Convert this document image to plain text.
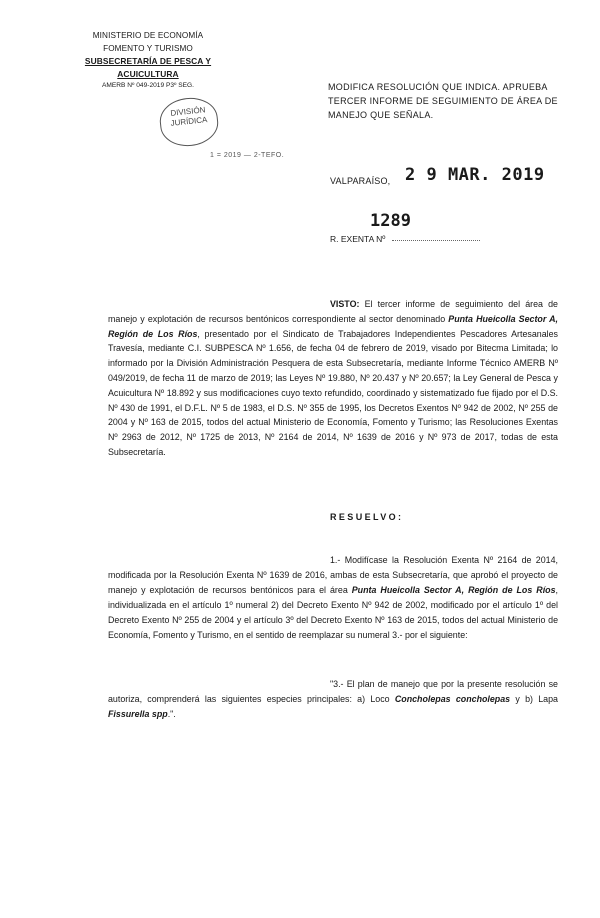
MINISTERIO DE ECONOMÍA
FOMENTO Y TURISMO
SUBSECRETARÍA DE PESCA Y ACUICULTURA
AMERB Nº 049-2019 P3º SEG.
DIVISIÓN
JURÍDICA
1 = 2019 — 2-TEFO.
MODIFICA RESOLUCIÓN QUE INDICA. APRUEBA TERCER INFORME DE SEGUIMIENTO DE ÁREA DE MANEJO QUE SEÑALA.
VALPARAÍSO, 2 9 MAR. 2019
1289
R. EXENTA Nº
VISTO: El tercer informe de seguimiento del área de manejo y explotación de recursos bentónicos correspondiente al sector denominado Punta Hueicolla Sector A, Región de Los Ríos, presentado por el Sindicato de Trabajadores Independientes Pescadores Artesanales Travesía, mediante C.I. SUBPESCA Nº 1.656, de fecha 04 de febrero de 2019, visado por Bitecma Limitada; lo informado por la División Administración Pesquera de esta Subsecretaría, mediante Informe Técnico AMERB Nº 049/2019, de fecha 11 de marzo de 2019; las Leyes Nº 19.880, Nº 20.437 y Nº 20.657; la Ley General de Pesca y Acuicultura Nº 18.892 y sus modificaciones cuyo texto refundido, coordinado y sistematizado fue fijado por el D.S. Nº 430 de 1991, el D.F.L. Nº 5 de 1983, el D.S. Nº 355 de 1995, los Decretos Exentos Nº 942 de 2002, Nº 255 de 2004 y Nº 163 de 2015, todos del actual Ministerio de Economía, Fomento y Turismo; las Resoluciones Exentas Nº 2963 de 2012, Nº 1725 de 2013, Nº 2164 de 2014, Nº 1639 de 2016 y Nº 973 de 2017, todas de esta Subsecretaría.
RESUELVO:
1.- Modifícase la Resolución Exenta Nº 2164 de 2014, modificada por la Resolución Exenta Nº 1639 de 2016, ambas de esta Subsecretaría, que aprobó el proyecto de manejo y explotación de recursos bentónicos para el área Punta Hueicolla Sector A, Región de Los Ríos, individualizada en el artículo 1º numeral 2) del Decreto Exento Nº 942 de 2002, modificado por el artículo 1º del Decreto Exento Nº 255 de 2004 y el artículo 3º del Decreto Exento Nº 163 de 2015, todos del actual Ministerio de Economía, Fomento y Turismo, en el sentido de reemplazar su numeral 3.- por el siguiente:
"3.- El plan de manejo que por la presente resolución se autoriza, comprenderá las siguientes especies principales: a) Loco Concholepas concholepas y b) Lapa Fissurella spp.".
